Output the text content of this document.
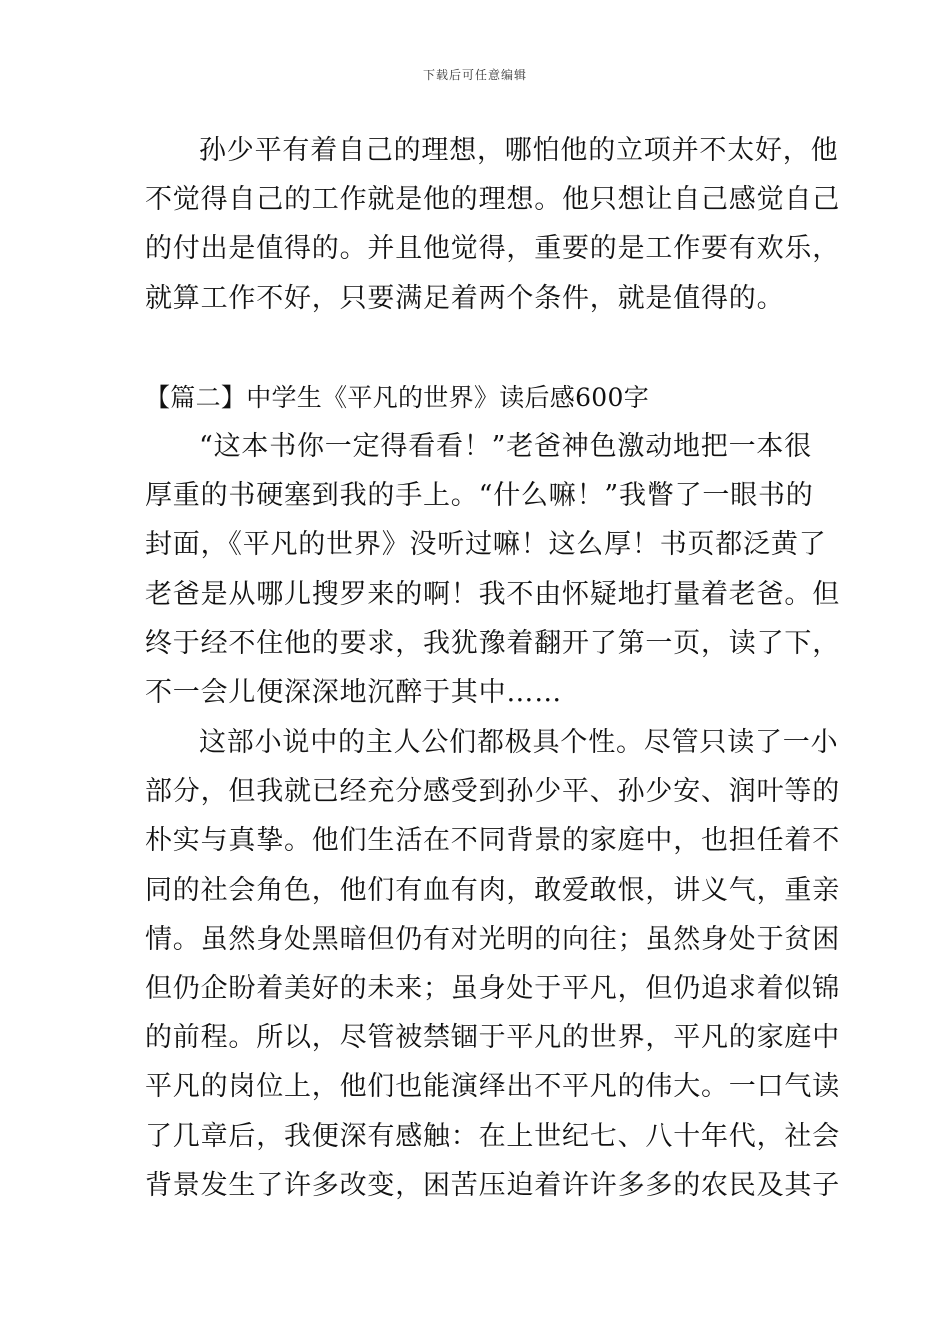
下载后可任意编辑
孙少平有着自己的理想，哪怕他的立项并不太好，他
不觉得自己的工作就是他的理想。他只想让自己感觉自己
的付出是值得的。并且他觉得，重要的是工作要有欢乐，
就算工作不好，只要满足着两个条件，就是值得的。
【篇二】中学生《平凡的世界》读后感600字
“这本书你一定得看看！”老爸神色激动地把一本很
厚重的书硬塞到我的手上。“什么嘛！”我瞥了一眼书的
封面，《平凡的世界》没听过嘛！这么厚！书页都泛黄了
老爸是从哪儿搜罗来的啊！我不由怀疑地打量着老爸。但
终于经不住他的要求，我犹豫着翻开了第一页，读了下，
不一会儿便深深地沉醉于其中……
这部小说中的主人公们都极具个性。尽管只读了一小
部分，但我就已经充分感受到孙少平、孙少安、润叶等的
朴实与真挚。他们生活在不同背景的家庭中，也担任着不
同的社会角色，他们有血有肉，敢爱敢恨，讲义气，重亲
情。虽然身处黑暗但仍有对光明的向往；虽然身处于贫困
但仍企盼着美好的未来；虽身处于平凡，但仍追求着似锦
的前程。所以，尽管被禁锢于平凡的世界，平凡的家庭中
平凡的岗位上，他们也能演绎出不平凡的伟大。一口气读
了几章后，我便深有感触：在上世纪七、八十年代，社会
背景发生了许多改变，困苦压迫着许许多多的农民及其子
